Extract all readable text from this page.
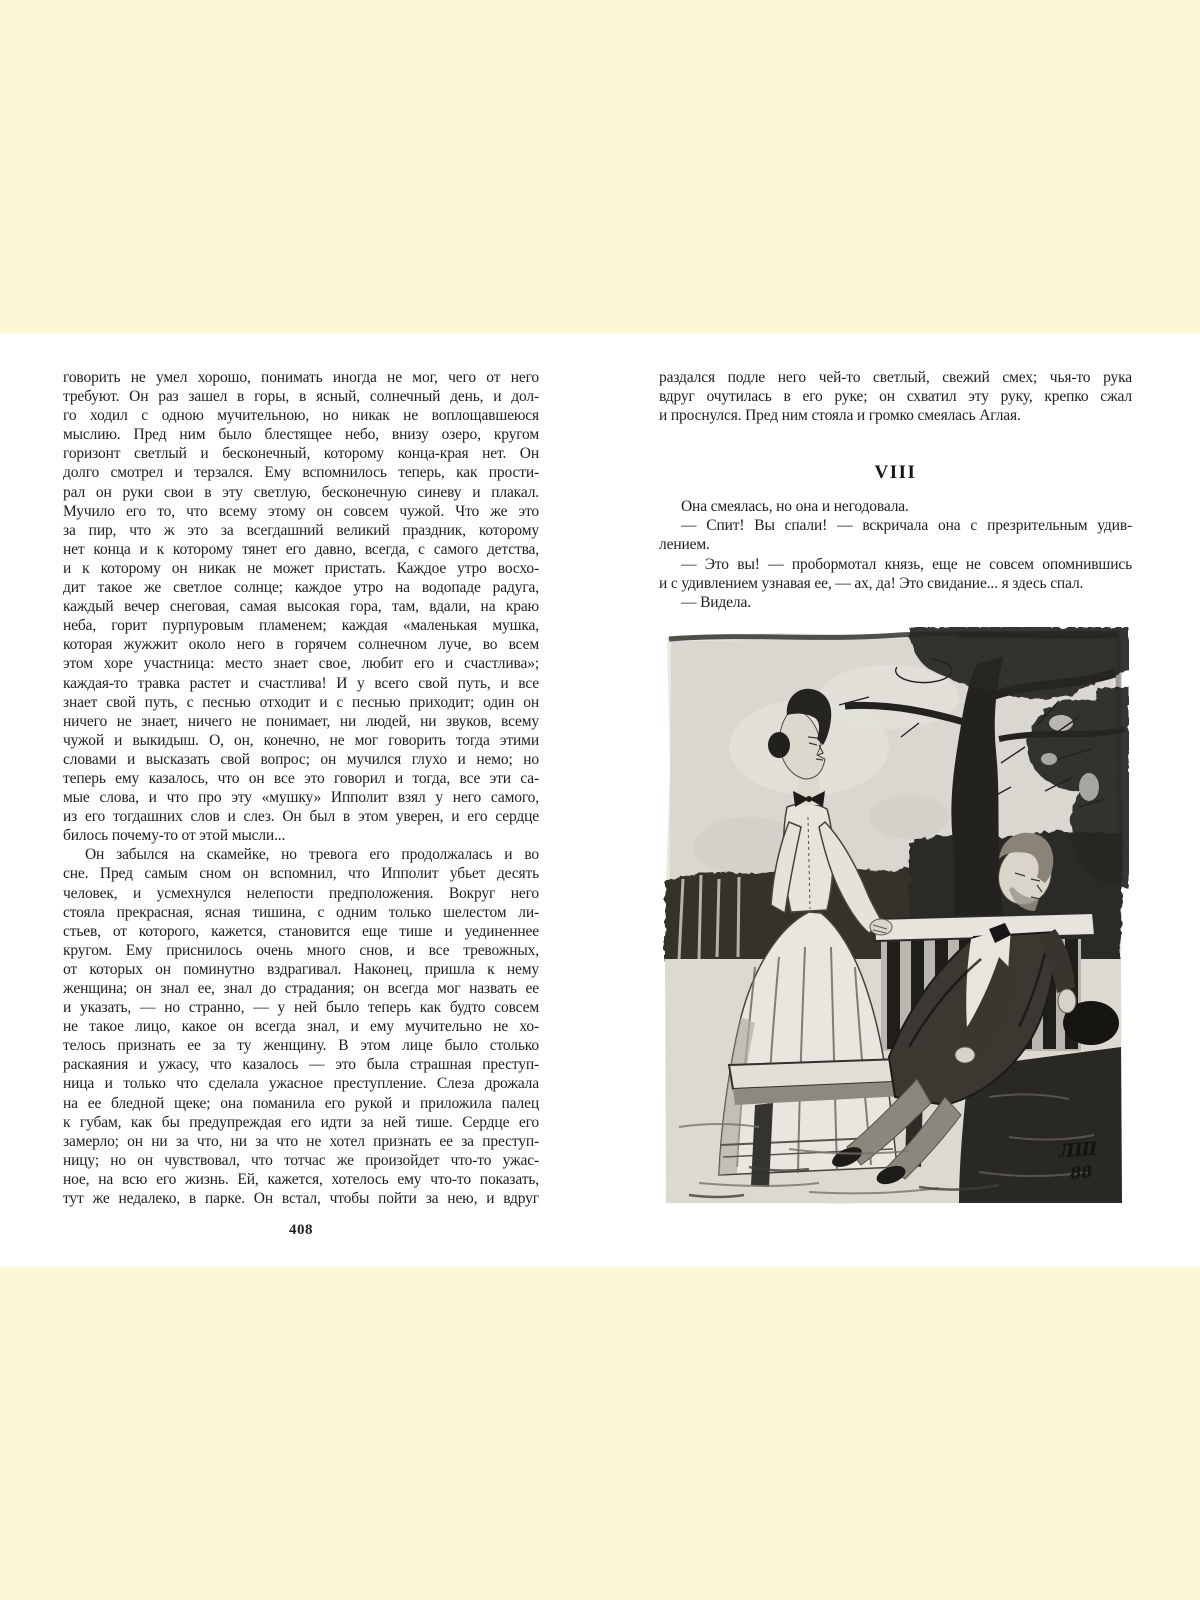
говорить не умел хорошо, понимать иногда не мог, чего от него
требуют. Он раз зашел в горы, в ясный, солнечный день, и дол-
го ходил с одною мучительною, но никак не воплощавшеюся
мыслию. Пред ним было блестящее небо, внизу озеро, кругом
горизонт светлый и бесконечный, которому конца-края нет. Он
долго смотрел и терзался. Ему вспомнилось теперь, как прости-
рал он руки свои в эту светлую, бесконечную синеву и плакал.
Мучило его то, что всему этому он совсем чужой. Что же это
за пир, что ж это за всегдашний великий праздник, которому
нет конца и к которому тянет его давно, всегда, с самого детства,
и к которому он никак не может пристать. Каждое утро восхо-
дит такое же светлое солнце; каждое утро на водопаде радуга,
каждый вечер снеговая, самая высокая гора, там, вдали, на краю
неба, горит пурпуровым пламенем; каждая «маленькая мушка,
которая жужжит около него в горячем солнечном луче, во всем
этом хоре участница: место знает свое, любит его и счастлива»;
каждая-то травка растет и счастлива! И у всего свой путь, и все
знает свой путь, с песнью отходит и с песнью приходит; один он
ничего не знает, ничего не понимает, ни людей, ни звуков, всему
чужой и выкидыш. О, он, конечно, не мог говорить тогда этими
словами и высказать свой вопрос; он мучился глухо и немо; но
теперь ему казалось, что он все это говорил и тогда, все эти са-
мые слова, и что про эту «мушку» Ипполит взял у него самого,
из его тогдашних слов и слез. Он был в этом уверен, и его сердце
билось почему-то от этой мысли...
Он забылся на скамейке, но тревога его продолжалась и во
сне. Пред самым сном он вспомнил, что Ипполит убьет десять
человек, и усмехнулся нелепости предположения. Вокруг него
стояла прекрасная, ясная тишина, с одним только шелестом ли-
стьев, от которого, кажется, становится еще тише и уединеннее
кругом. Ему приснилось очень много снов, и все тревожных,
от которых он поминутно вздрагивал. Наконец, пришла к нему
женщина; он знал ее, знал до страдания; он всегда мог назвать ее
и указать, — но странно, — у ней было теперь как будто совсем
не такое лицо, какое он всегда знал, и ему мучительно не хо-
телось признать ее за ту женщину. В этом лице было столько
раскаяния и ужасу, что казалось — это была страшная преступ-
ница и только что сделала ужасное преступление. Слеза дрожала
на ее бледной щеке; она поманила его рукой и приложила палец
к губам, как бы предупреждая его идти за ней тише. Сердце его
замерло; он ни за что, ни за что не хотел признать ее за преступ-
ницу; но он чувствовал, что тотчас же произойдет что-то ужас-
ное, на всю его жизнь. Ей, кажется, хотелось ему что-то показать,
тут же недалеко, в парке. Он встал, чтобы пойти за нею, и вдруг
408
раздался подле него чей-то светлый, свежий смех; чья-то рука
вдруг очутилась в его руке; он схватил эту руку, крепко сжал
и проснулся. Пред ним стояла и громко смеялась Аглая.
VIII
Она смеялась, но она и негодовала.
— Спит! Вы спали! — вскричала она с презрительным удив-
лением.
— Это вы! — пробормотал князь, еще не совсем опомнившись
и с удивлением узнавая ее, — ах, да! Это свидание... я здесь спал.
— Видела.
ЛШ
88
